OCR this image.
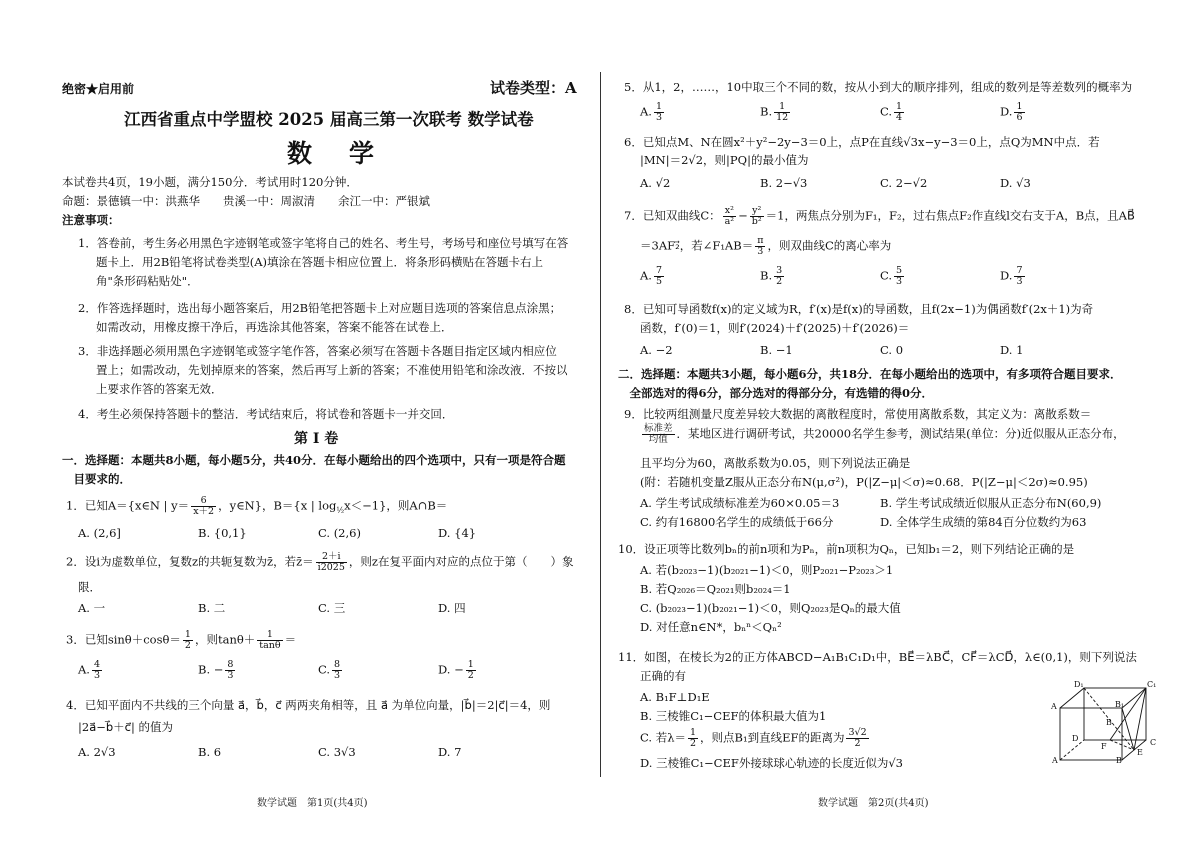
绝密★启用前	试卷类型：A
江西省重点中学盟校 2025 届高三第一次联考 数学试卷
数　学
本试卷共4页，19小题，满分150分．考试用时120分钟．
命题：景德镇一中：洪燕华　　贵溪一中：周淑清　　余江一中：严银斌
注意事项：
1．答卷前，考生务必用黑色字迹钢笔或签字笔将自己的姓名、考生号，考场号和座位号填写在答
题卡上．用2B铅笔将试卷类型(A)填涂在答题卡相应位置上．将条形码横贴在答题卡右上
角"条形码粘贴处"．
2．作答选择题时，选出每小题答案后，用2B铅笔把答题卡上对应题目选项的答案信息点涂黑；
如需改动，用橡皮擦干净后，再选涂其他答案，答案不能答在试卷上．
3．非选择题必须用黑色字迹钢笔或签字笔作答，答案必须写在答题卡各题目指定区域内相应位
置上；如需改动，先划掉原来的答案，然后再写上新的答案；不准使用铅笔和涂改液．不按以
上要求作答的答案无效．
4．考生必须保持答题卡的整洁．考试结束后，将试卷和答题卡一并交回．
第 Ⅰ 卷
一．选择题：本题共8小题，每小题5分，共40分．在每小题给出的四个选项中，只有一项是符合题
　目要求的．
1．已知A＝{x∈N | $y= \frac{6}{x+2}$ ，y∈N}，B＝{x | $\log_{\frac{1}{2}}x<-1$}，则A∩B＝
A. (2,6]	B. {0,1}	C. (2,6)	D. {4}
2．设i为虚数单位，复数z的共轭复数为z̄，若z̄＝ $\frac{2+i}{i2025}$ ，则z在复平面内对应的点位于第（　　）象
限．
A. 一	B. 二	C. 三	D. 四
3．已知$\sin\theta+\cos\theta= \frac{1}{2}$ ，则$\tan\theta+ \frac{1}{\tan\theta}$ ＝
A. $\frac{4}{3}$	B. − $\frac{8}{3}$	C. $\frac{8}{3}$	D. − $\frac{1}{2}$
4．已知平面内不共线的三个向量 a⃗，b⃗，c⃗ 两两夹角相等，且 a⃗ 为单位向量，|b⃗|＝2|c⃗|＝4，则
|2a⃗−b⃗＋c⃗| 的值为
A. 2√3	B. 6	C. 3√3	D. 7
数学试题　第1页(共4页)
5．从1，2，……，10中取三个不同的数，按从小到大的顺序排列，组成的数列是等差数列的概率为
A. $\frac{1}{3}$	B. $\frac{1}{12}$	C. $\frac{1}{4}$	D. $\frac{1}{6}$
6．已知点M、N在圆x²＋y²−2y−3＝0上，点P在直线√3x−y−3＝0上，点Q为MN中点．若
|MN|＝2√2，则|PQ|的最小值为
A. √2	B. 2−√3	C. 2−√2	D. √3
7．已知双曲线C： $\frac{\text{x²}}{\text{a²}} - \frac{\text{y²}}{\text{b²}} =1$，两焦点分别为F₁，F₂，过右焦点F₂作直线l交右支于A，B点，且AB⃗
＝3AF₂⃗，若∠F₁AB＝ $\frac{\pi}{3}$ ，则双曲线C的离心率为
A. $\frac{7}{5}$	B. $\frac{3}{2}$	C. $\frac{5}{3}$	D. $\frac{7}{3}$
8．已知可导函数f(x)的定义域为R，f′(x)是f(x)的导函数，且f(2x−1)为偶函数f′(2x＋1)为奇
函数，f′(0)＝1，则f′(2024)＋f′(2025)＋f′(2026)＝
A. −2	B. −1	C. 0	D. 1
二．选择题：本题共3小题，每小题6分，共18分．在每小题给出的选项中，有多项符合题目要求．
　全部选对的得6分，部分选对的得部分分，有选错的得0分．
9．比较两组测量尺度差异较大数据的离散程度时，常使用离散系数，其定义为：离散系数＝
$\frac{\text{标准差}}{\text{均值}}$ ．某地区进行调研考试，共20000名学生参考，测试结果(单位：分)近似服从正态分布，
且平均分为60，离散系数为0.05，则下列说法正确是
(附：若随机变量Z服从正态分布N(μ,σ²)，P(|Z−μ|＜σ)≈0.68．P(|Z−μ|＜2σ)≈0.95)
A. 学生考试成绩标准差为60×0.05＝3	B. 学生考试成绩近似服从正态分布N(60,9)
C. 约有16800名学生的成绩低于66分	D. 全体学生成绩的第84百分位数约为63
10．设正项等比数列bₙ的前n项和为Pₙ，前n项积为Qₙ，已知b₁＝2，则下列结论正确的是
A. 若(b₂₀₂₃−1)(b₂₀₂₁−1)＜0，则P₂₀₂₁−P₂₀₂₃＞1
B. 若Q₂₀₂₆＝Q₂₀₂₁则b₂₀₂₄＝1
C. (b₂₀₂₃−1)(b₂₀₂₁−1)＜0，则Q₂₀₂₃是Qₙ的最大值
D. 对任意n∈N*，bₙⁿ＜Qₙ²
11．如图，在棱长为2的正方体ABCD−A₁B₁C₁D₁中，BE⃗＝λBC⃗，CF⃗＝λCD⃗，λ∈(0,1)，则下列说法
正确的有
A. B₁F⊥D₁E
B. 三棱锥C₁−CEF的体积最大值为1
C. 若$\lambda= \frac{1}{2}$ ，则点B₁到直线EF的距离为 $\frac{3√2}{2}$
D. 三棱锥C₁−CEF外接球球心轨迹的长度近似为√3
D₁	C₁
A	B₁
B
D
F	C
A	B
E
数学试题　第2页(共4页)
